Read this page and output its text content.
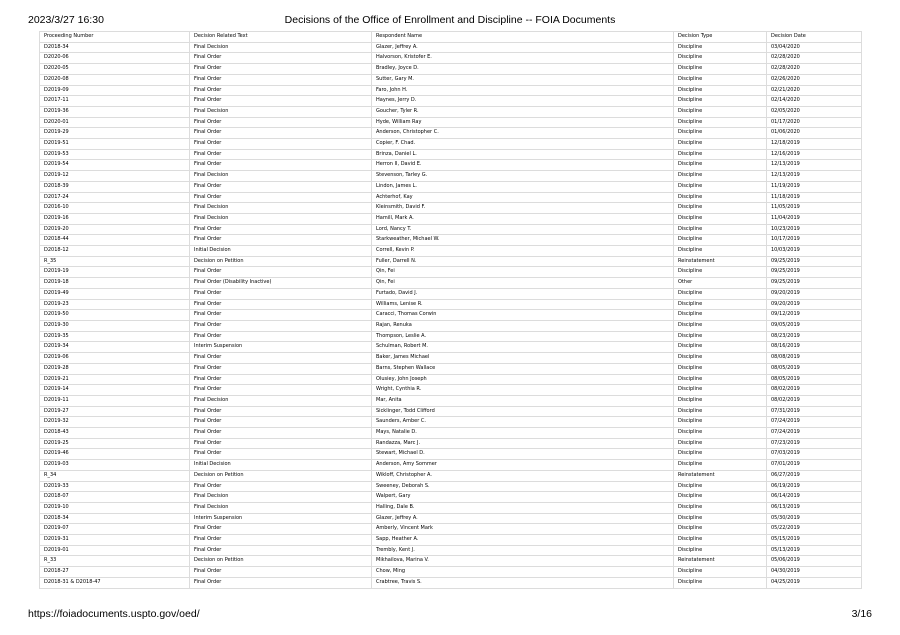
2023/3/27 16:30	Decisions of the Office of Enrollment and Discipline -- FOIA Documents
Proceeding Number	Decision Related Text	Respondent Name	Decision Type	Decision Date
D2018-34	Final Decision	Glazer, Jeffrey A.	Discipline	03/04/2020
D2020-06	Final Order	Halvorson, Kristofer E.	Discipline	02/28/2020
D2020-05	Final Order	Bradley, Joyce D.	Discipline	02/28/2020
D2020-08	Final Order	Sutter, Gary M.	Discipline	02/26/2020
D2019-09	Final Order	Faro, John H.	Discipline	02/21/2020
D2017-11	Final Order	Haynes, Jerry D.	Discipline	02/14/2020
D2019-36	Final Decision	Goucher, Tyler R.	Discipline	02/05/2020
D2020-01	Final Order	Hyde, William Ray	Discipline	01/17/2020
D2019-29	Final Order	Anderson, Christopher C.	Discipline	01/06/2020
D2019-51	Final Order	Copier, F. Chad.	Discipline	12/18/2019
D2019-53	Final Order	Brinza, Daniel L.	Discipline	12/16/2019
D2019-54	Final Order	Herron II, David E.	Discipline	12/13/2019
D2019-12	Final Decision	Stevenson, Tarley G.	Discipline	12/13/2019
D2018-39	Final Order	Lindon, James L.	Discipline	11/19/2019
D2017-24	Final Order	Achterhof, Kay	Discipline	11/18/2019
D2016-10	Final Decision	Kleinsmith, David F.	Discipline	11/05/2019
D2019-16	Final Decision	Hamill, Mark A.	Discipline	11/04/2019
D2019-20	Final Order	Lord, Nancy T.	Discipline	10/23/2019
D2018-44	Final Order	Starkweather, Michael W.	Discipline	10/17/2019
D2018-12	Initial Decision	Correll, Kevin P.	Discipline	10/03/2019
R_35	Decision on Petition	Fuller, Darrell N.	Reinstatement	09/25/2019
D2019-19	Final Order	Qin, Fei	Discipline	09/25/2019
D2019-18	Final Order (Disability Inactive)	Qin, Fei	Other	09/25/2019
D2019-49	Final Order	Furtado, David J.	Discipline	09/20/2019
D2019-23	Final Order	Williams, Lenise R.	Discipline	09/20/2019
D2019-50	Final Order	Caracci, Thomas Corwin	Discipline	09/12/2019
D2019-30	Final Order	Rajan, Renuka	Discipline	09/05/2019
D2019-35	Final Order	Thompson, Leslie A.	Discipline	08/23/2019
D2019-34	Interim Suspension	Schulman, Robert M.	Discipline	08/16/2019
D2019-06	Final Order	Baker, James Michael	Discipline	08/08/2019
D2019-28	Final Order	Barns, Stephen Wallace	Discipline	08/05/2019
D2019-21	Final Order	Olusiey, John Joseph	Discipline	08/05/2019
D2019-14	Final Order	Wright, Cynthia R.	Discipline	08/02/2019
D2019-11	Final Decision	Mar, Anita	Discipline	08/02/2019
D2019-27	Final Order	Sicklinger, Todd Clifford	Discipline	07/31/2019
D2019-32	Final Order	Saunders, Amber C.	Discipline	07/24/2019
D2018-43	Final Order	Mays, Natalie D.	Discipline	07/24/2019
D2019-25	Final Order	Randazza, Marc J.	Discipline	07/23/2019
D2019-46	Final Order	Stewart, Michael D.	Discipline	07/03/2019
D2019-03	Initial Decision	Anderson, Amy Sommer	Discipline	07/01/2019
R_34	Decision on Petition	Wikloff, Christopher A.	Reinstatement	06/27/2019
D2019-33	Final Order	Sweeney, Deborah S.	Discipline	06/19/2019
D2018-07	Final Decision	Walpert, Gary	Discipline	06/14/2019
D2019-10	Final Decision	Halling, Dale B.	Discipline	06/13/2019
D2018-34	Interim Suspension	Glazer, Jeffrey A.	Discipline	05/30/2019
D2019-07	Final Order	Amberly, Vincent Mark	Discipline	05/22/2019
D2019-31	Final Order	Sapp, Heather A.	Discipline	05/15/2019
D2019-01	Final Order	Trembly, Kent J.	Discipline	05/13/2019
R_33	Decision on Petition	Mikhailova, Marina V.	Reinstatement	05/06/2019
D2018-27	Final Order	Chow, Ming	Discipline	04/30/2019
D2018-31 & D2018-47	Final Order	Crabtree, Travis S.	Discipline	04/25/2019
https://foiadocuments.uspto.gov/oed/	3/16
